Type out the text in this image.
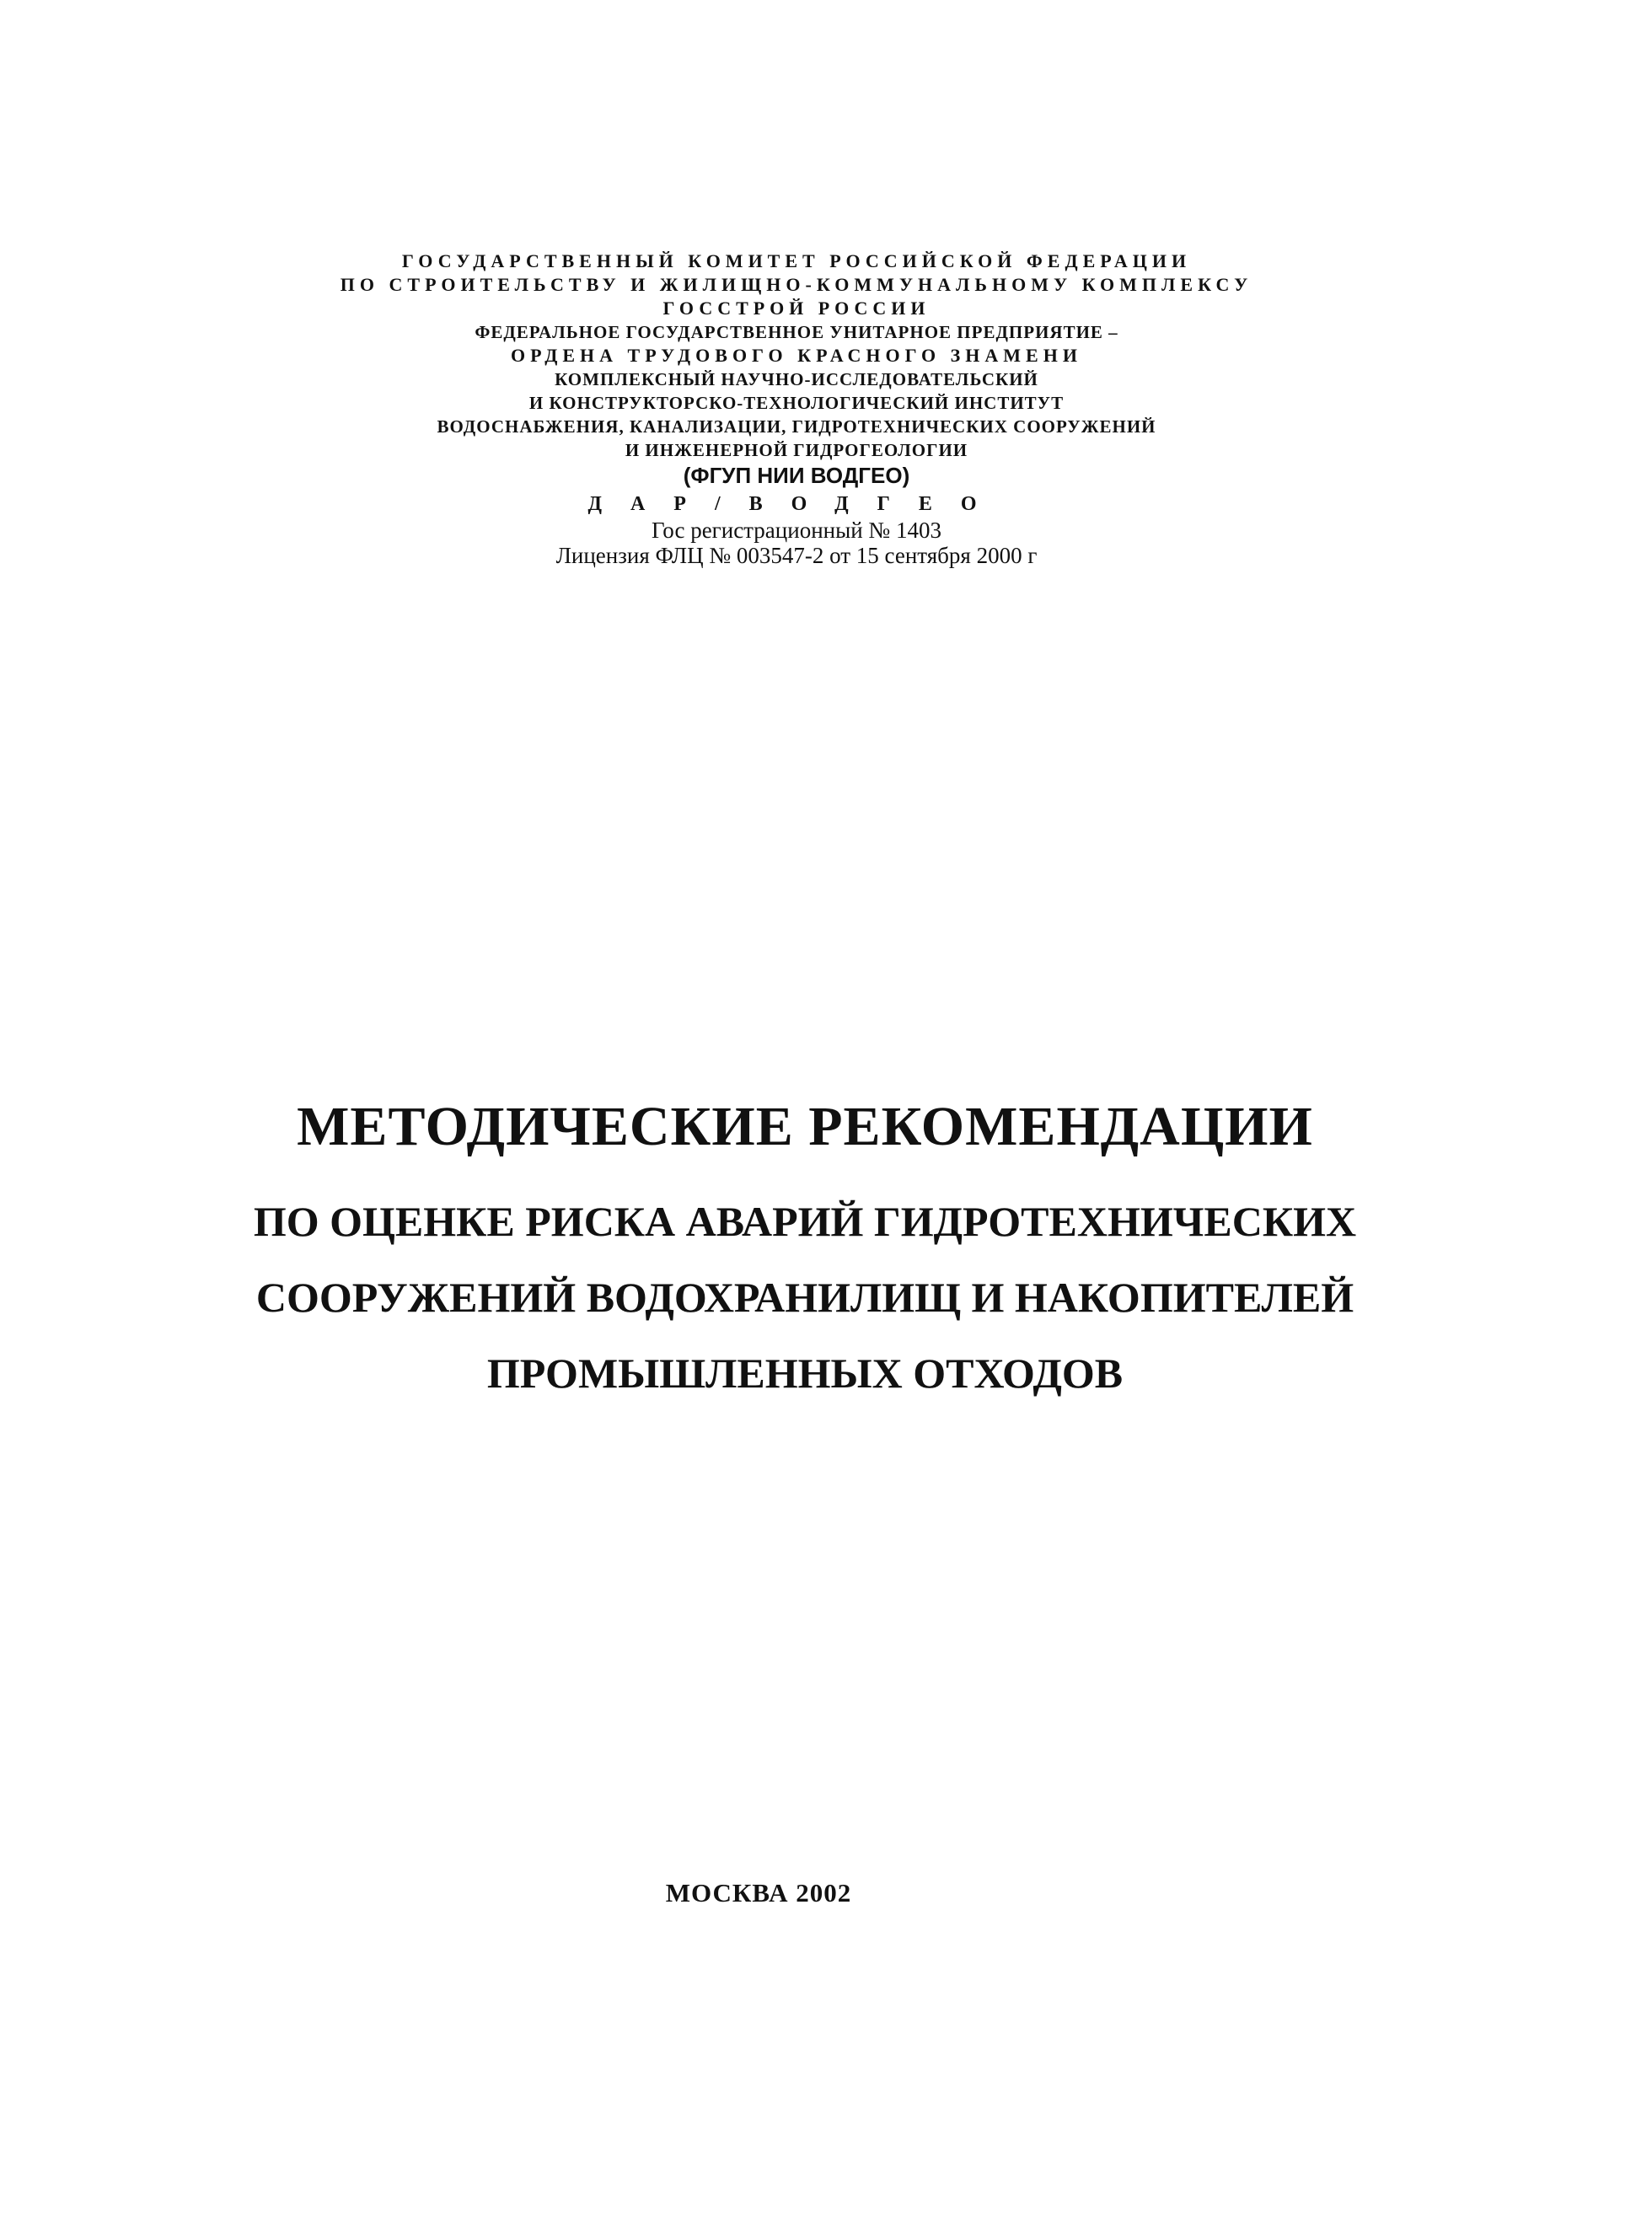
ГОСУДАРСТВЕННЫЙ КОМИТЕТ РОССИЙСКОЙ ФЕДЕРАЦИИ
ПО СТРОИТЕЛЬСТВУ И ЖИЛИЩНО-КОММУНАЛЬНОМУ КОМПЛЕКСУ
ГОССТРОЙ РОССИИ
ФЕДЕРАЛЬНОЕ ГОСУДАРСТВЕННОЕ УНИТАРНОЕ ПРЕДПРИЯТИЕ –
ОРДЕНА ТРУДОВОГО КРАСНОГО ЗНАМЕНИ
КОМПЛЕКСНЫЙ НАУЧНО-ИССЛЕДОВАТЕЛЬСКИЙ
И КОНСТРУКТОРСКО-ТЕХНОЛОГИЧЕСКИЙ ИНСТИТУТ
ВОДОСНАБЖЕНИЯ, КАНАЛИЗАЦИИ, ГИДРОТЕХНИЧЕСКИХ СООРУЖЕНИЙ
И ИНЖЕНЕРНОЙ ГИДРОГЕОЛОГИИ
(ФГУП НИИ ВОДГЕО)
ДАР/ВОДГЕО
Гос регистрационный № 1403
Лицензия ФЛЦ № 003547-2 от 15 сентября 2000 г
МЕТОДИЧЕСКИЕ РЕКОМЕНДАЦИИ
ПО ОЦЕНКЕ РИСКА АВАРИЙ ГИДРОТЕХНИЧЕСКИХ
СООРУЖЕНИЙ ВОДОХРАНИЛИЩ И НАКОПИТЕЛЕЙ
ПРОМЫШЛЕННЫХ ОТХОДОВ
МОСКВА 2002
